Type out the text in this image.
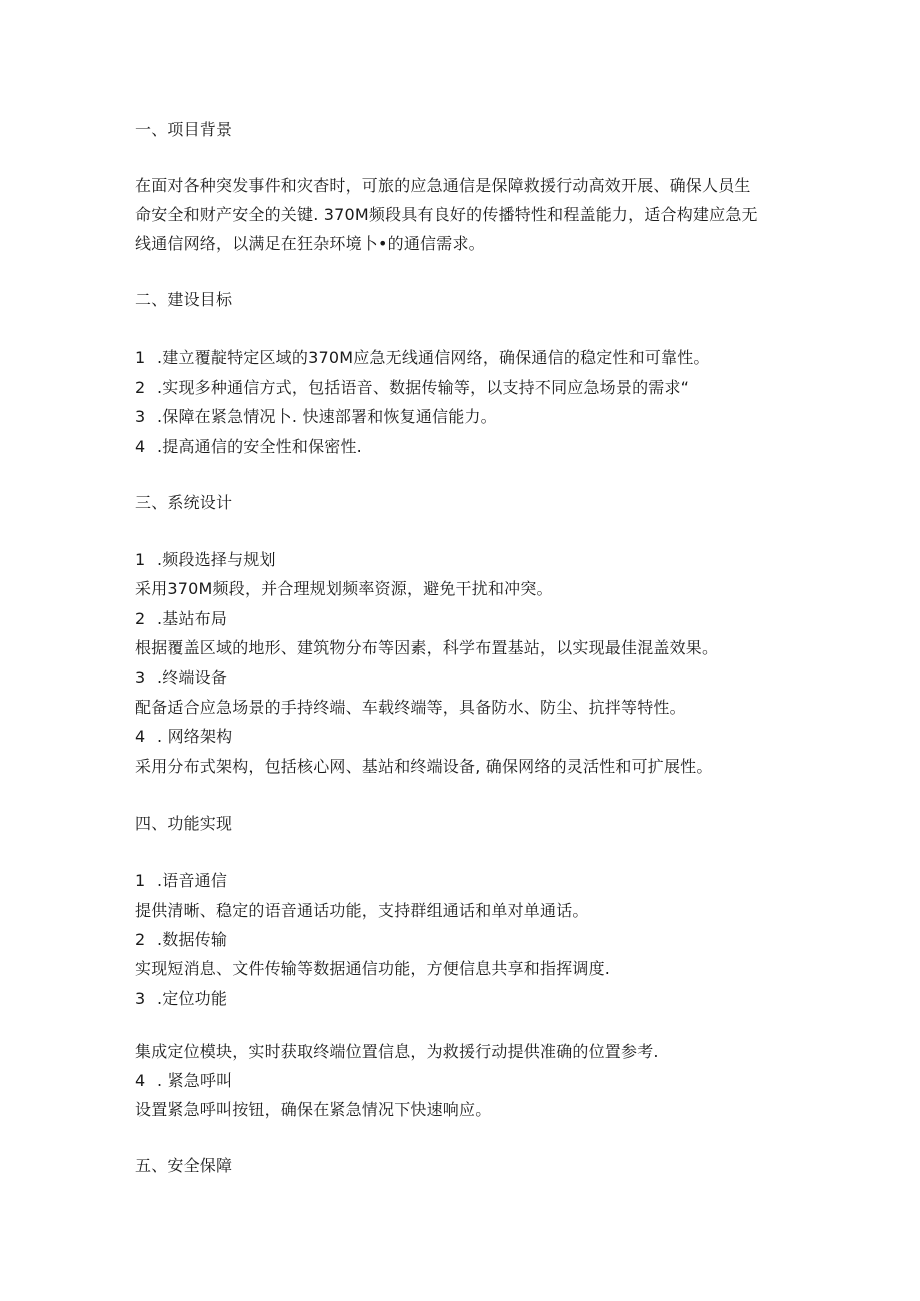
一、项目背景
在面对各种突发事件和灾杳时，可旅的应急通信是保障救援行动高效开展、确保人员生
命安全和财产安全的关键. 370M频段具有良好的传播特性和程盖能力，适合构建应急无
线通信网络，以满足在狂杂环境卜•的通信需求。
二、建设目标
1 .建立覆靛特定区域的370M应急无线通信网络，确保通信的稳定性和可靠性。
2 .实现多种通信方式，包括语音、数据传输等，以支持不同应急场景的需求“
3 .保障在紧急情况卜. 快速部署和恢复通信能力。
4 .提高通信的安全性和保密性.
三、系统设计
1 .频段选择与规划
采用370M频段，并合理规划频率资源，避免干扰和冲突。
2 .基站布局
根据覆盖区域的地形、建筑物分布等因素，科学布置基站，以实现最佳混盖效果。
3 .终端设备
配备适合应急场景的手持终端、车载终端等，具备防水、防尘、抗拌等特性。
4 . 网络架构
采用分布式架构，包括核心网、基站和终端设备, 确保网络的灵活性和可扩展性。
四、功能实现
1 .语音通信
提供清晰、稳定的语音通话功能，支持群组通话和单对单通话。
2 .数据传输
实现短消息、文件传输等数据通信功能，方便信息共享和指挥调度.
3 .定位功能
集成定位模块，实时获取终端位置信息，为救援行动提供准确的位置参考.
4 . 紧急呼叫
设置紧急呼叫按钮，确保在紧急情况下快速响应。
五、安全保障
